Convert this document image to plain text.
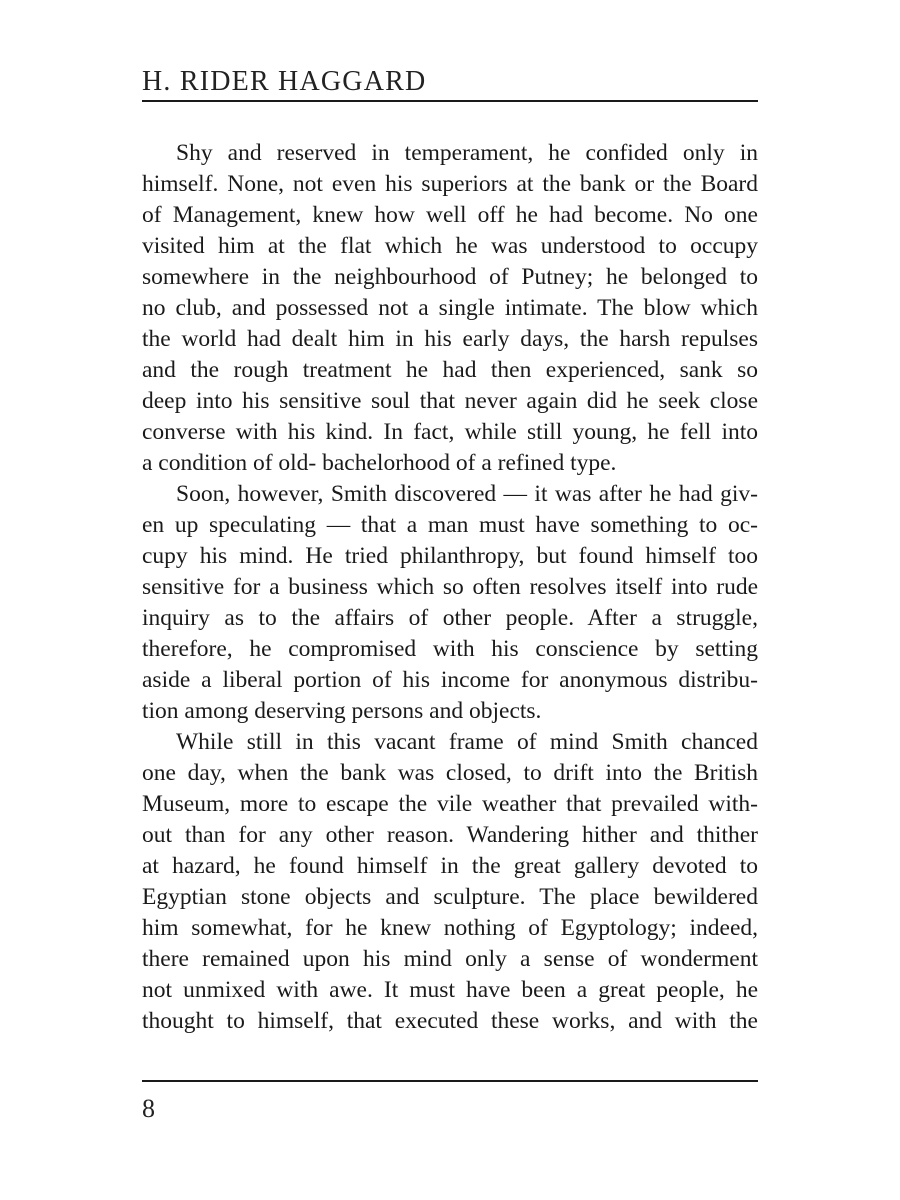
H. RIDER HAGGARD
Shy and reserved in temperament, he confided only in
himself. None, not even his superiors at the bank or the Board
of Management, knew how well off he had become. No one
visited him at the flat which he was understood to occupy
somewhere in the neighbourhood of Putney; he belonged to
no club, and possessed not a single intimate. The blow which
the world had dealt him in his early days, the harsh repulses
and the rough treatment he had then experienced, sank so
deep into his sensitive soul that never again did he seek close
converse with his kind. In fact, while still young, he fell into
a condition of old- bachelorhood of a refined type.
Soon, however, Smith discovered — it was after he had giv-
en up speculating — that a man must have something to oc-
cupy his mind. He tried philanthropy, but found himself too
sensitive for a business which so often resolves itself into rude
inquiry as to the affairs of other people. After a struggle,
therefore, he compromised with his conscience by setting
aside a liberal portion of his income for anonymous distribu-
tion among deserving persons and objects.
While still in this vacant frame of mind Smith chanced
one day, when the bank was closed, to drift into the British
Museum, more to escape the vile weather that prevailed with-
out than for any other reason. Wandering hither and thither
at hazard, he found himself in the great gallery devoted to
Egyptian stone objects and sculpture. The place bewildered
him somewhat, for he knew nothing of Egyptology; indeed,
there remained upon his mind only a sense of wonderment
not unmixed with awe. It must have been a great people, he
thought to himself, that executed these works, and with the
8
